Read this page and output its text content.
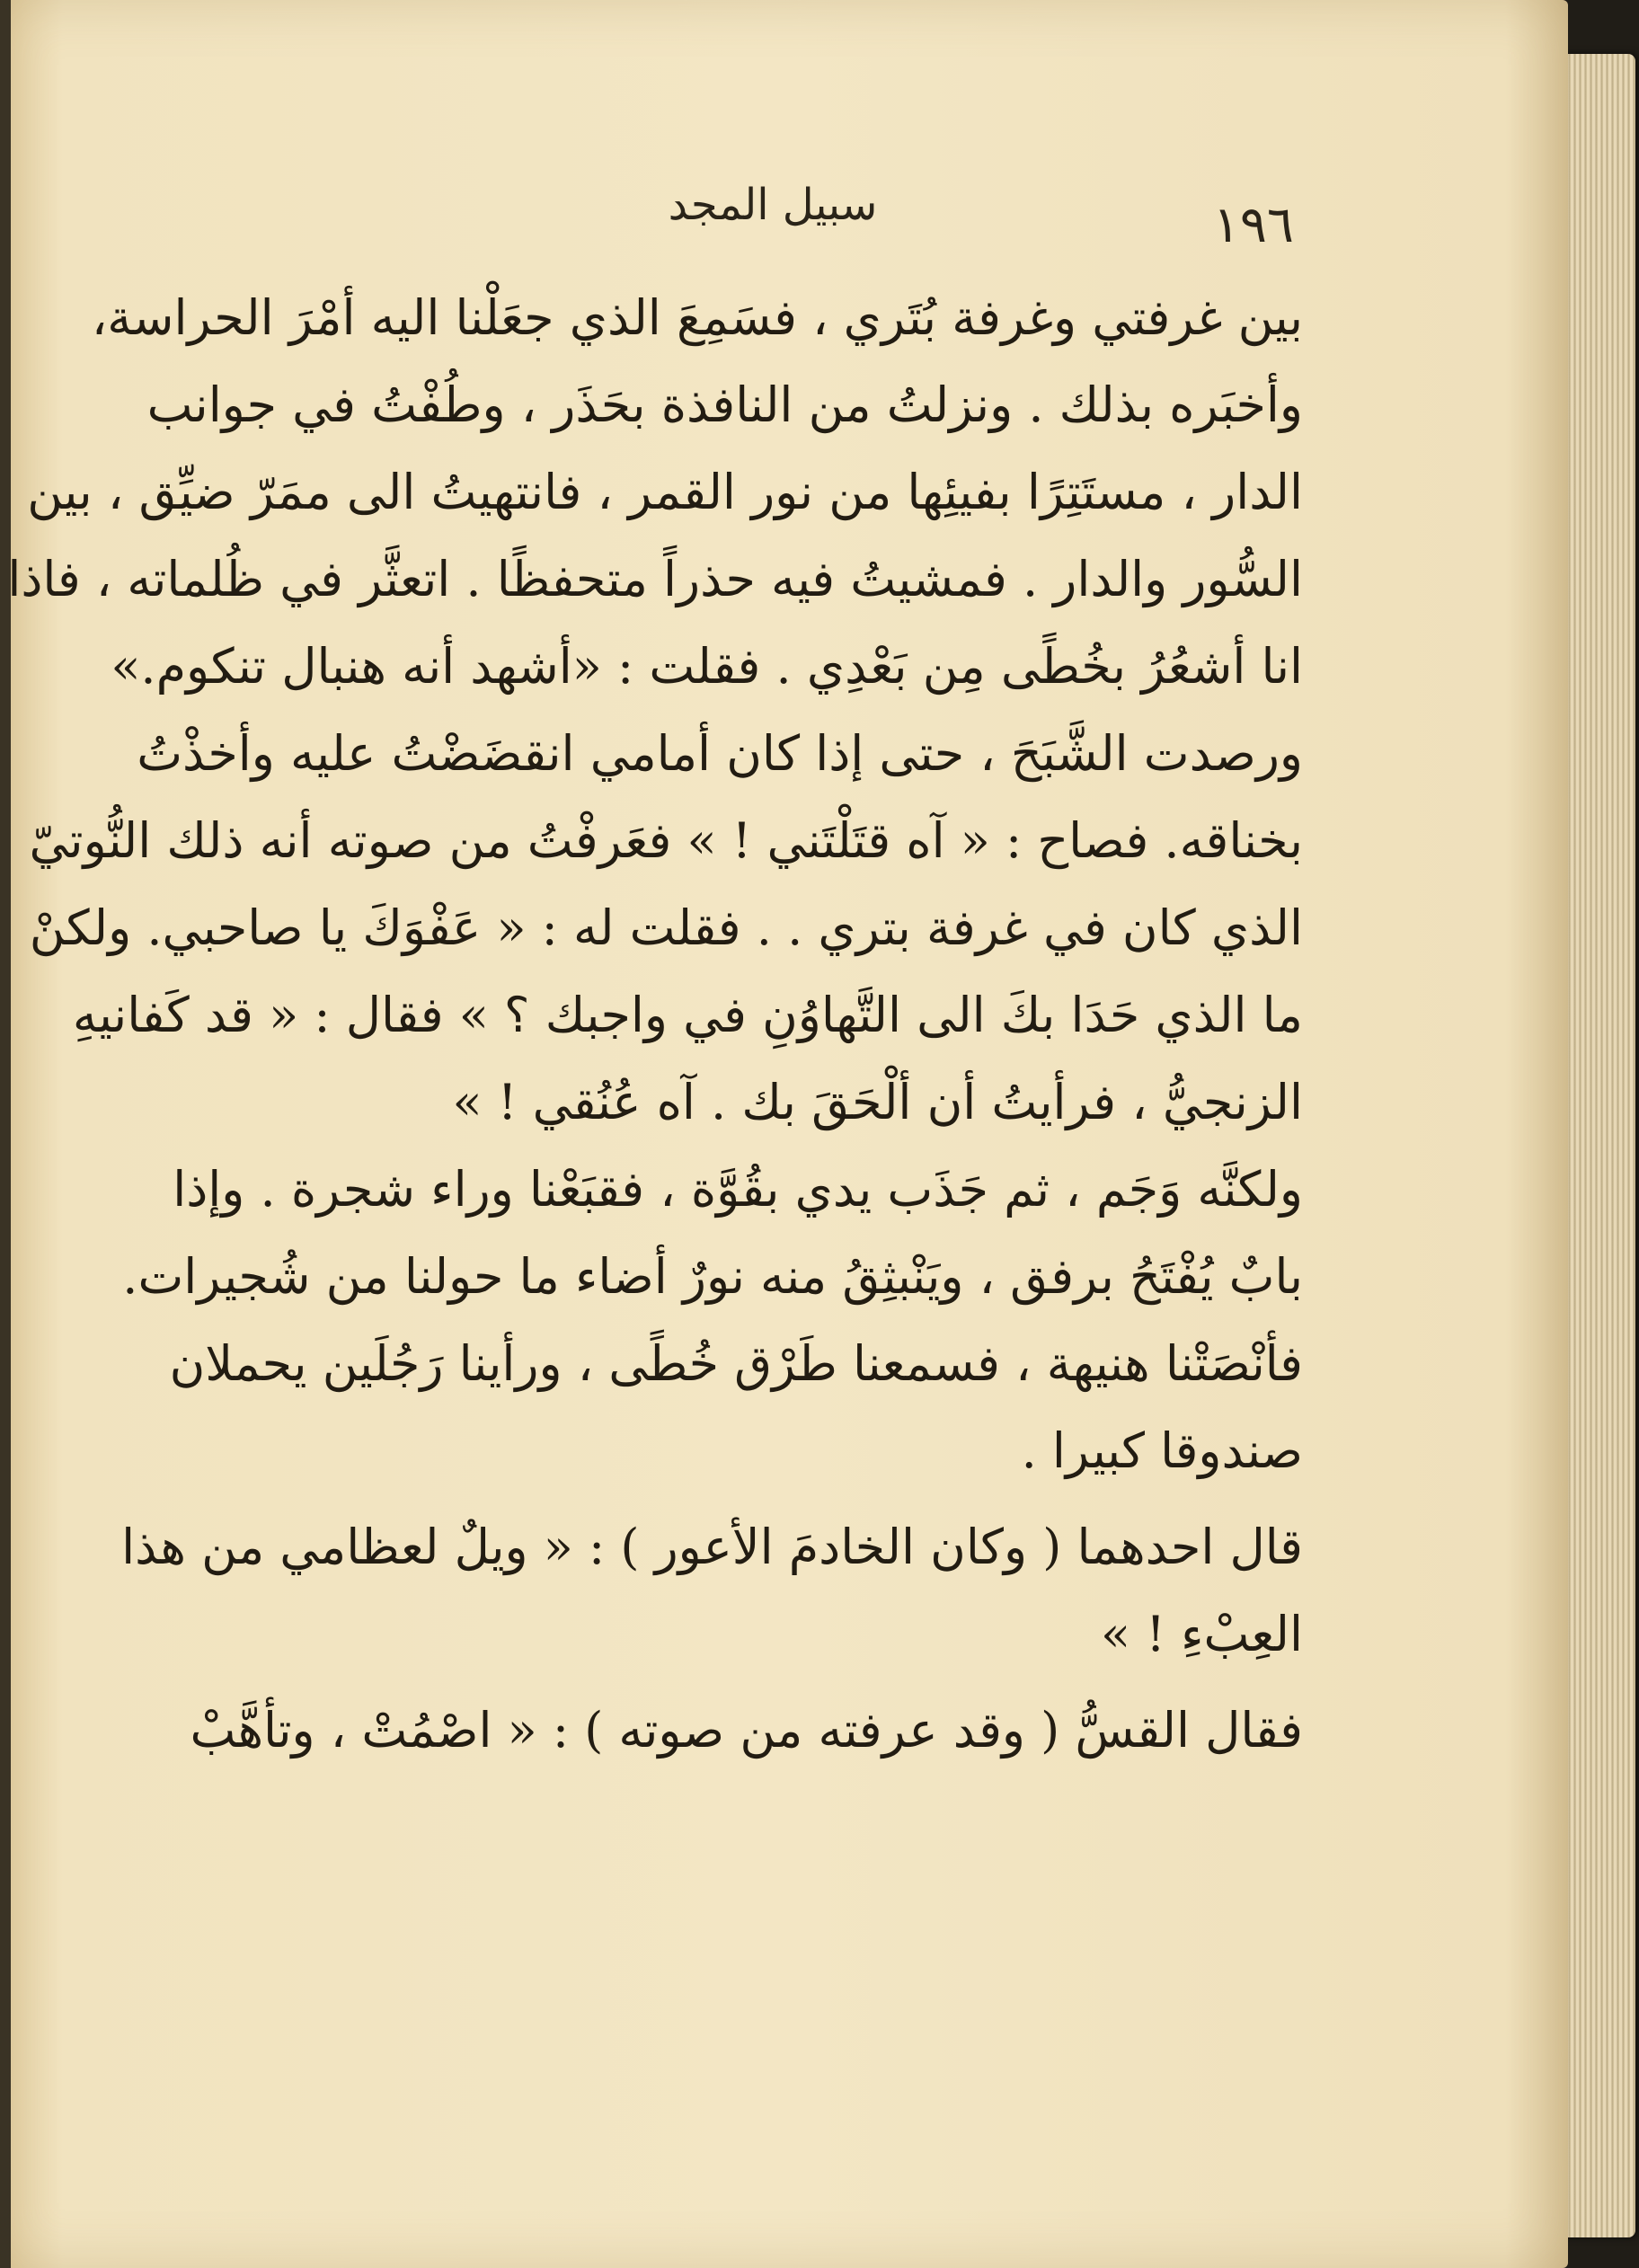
سبيل المجد	١٩٦
بين غرفتي وغرفة بُتَري ، فسَمِعَ الذي جعَلْنا اليه أمْرَ الحراسة،
وأخبَره بذلك . ونزلتُ من النافذة بحَذَر ، وطُفْتُ في جوانب
الدار ، مستَتِرًا بفيئِها من نور القمر ، فانتهيتُ الى ممَرّ ضيِّق ، بين
السُّور والدار . فمشيتُ فيه حذراً متحفظًا . اتعثَّر في ظُلماته ، فاذا
انا أشعُرُ بخُطًى مِن بَعْدِي . فقلت : «أشهد أنه هنبال تنكوم.»
ورصدت الشَّبَحَ ، حتى إذا كان أمامي انقضَضْتُ عليه وأخذْتُ
بخناقه. فصاح : « آه قتَلْتَني ! » فعَرفْتُ من صوته أنه ذلك النُّوتيّ
الذي كان في غرفة بتري . . فقلت له : « عَفْوَكَ يا صاحبي. ولكنْ
ما الذي حَدَا بكَ الى التَّهاوُنِ في واجبك ؟ » فقال : « قد كَفانيهِ
الزنجيُّ ، فرأيتُ أن ألْحَقَ بك . آه عُنُقي ! »
ولكنَّه وَجَم ، ثم جَذَب يدي بقُوَّة ، فقبَعْنا وراء شجرة . وإذا
بابٌ يُفْتَحُ برفق ، ويَنْبثِقُ منه نورٌ أضاء ما حولنا من شُجيرات.
فأنْصَتْنا هنيهة ، فسمعنا طَرْق خُطًى ، ورأينا رَجُلَين يحملان
صندوقا كبيرا .
قال احدهما ( وكان الخادمَ الأعور ) : « ويلٌ لعظامي من هذا
العِبْءِ ! »
فقال القسُّ ( وقد عرفته من صوته ) : « اصْمُتْ ، وتأهَّبْ
